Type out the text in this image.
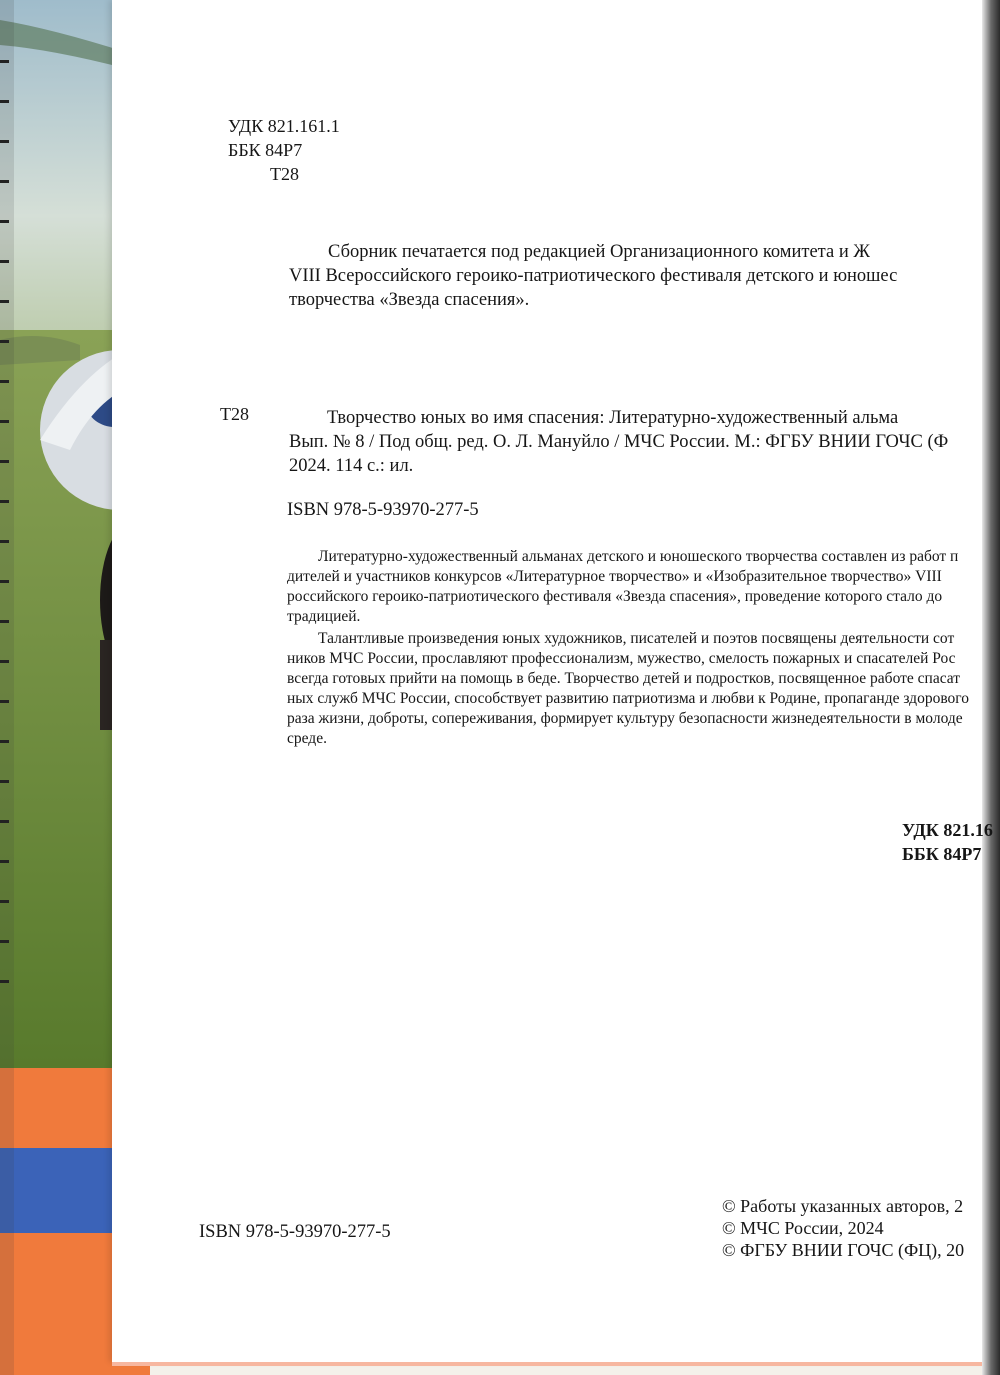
УДК 821.161.1
ББК 84Р7
Т28
Сборник печатается под редакцией Организационного комитета и Ж
VIII Всероссийского героико-патриотического фестиваля детского и юношес
творчества «Звезда спасения».
Т28	Творчество юных во имя спасения: Литературно-художественный альма
Вып. № 8 / Под общ. ред. О. Л. Мануйло / МЧС России. М.: ФГБУ ВНИИ ГОЧС (Ф
2024. 114 с.: ил.
ISBN 978-5-93970-277-5
Литературно-художественный альманах детского и юношеского творчества составлен из работ п
дителей и участников конкурсов «Литературное творчество» и «Изобразительное творчество» VIII
российского героико-патриотического фестиваля «Звезда спасения», проведение которого стало до
традицией.
Талантливые произведения юных художников, писателей и поэтов посвящены деятельности сот
ников МЧС России, прославляют профессионализм, мужество, смелость пожарных и спасателей Рос
всегда готовых прийти на помощь в беде. Творчество детей и подростков, посвященное работе спасат
ных служб МЧС России, способствует развитию патриотизма и любви к Родине, пропаганде здорового
раза жизни, доброты, сопереживания, формирует культуру безопасности жизнедеятельности в молоде
среде.
УДК 821.16
ББК 84Р7
ISBN 978-5-93970-277-5
© Работы указанных авторов, 2
© МЧС России, 2024
© ФГБУ ВНИИ ГОЧС (ФЦ), 20
